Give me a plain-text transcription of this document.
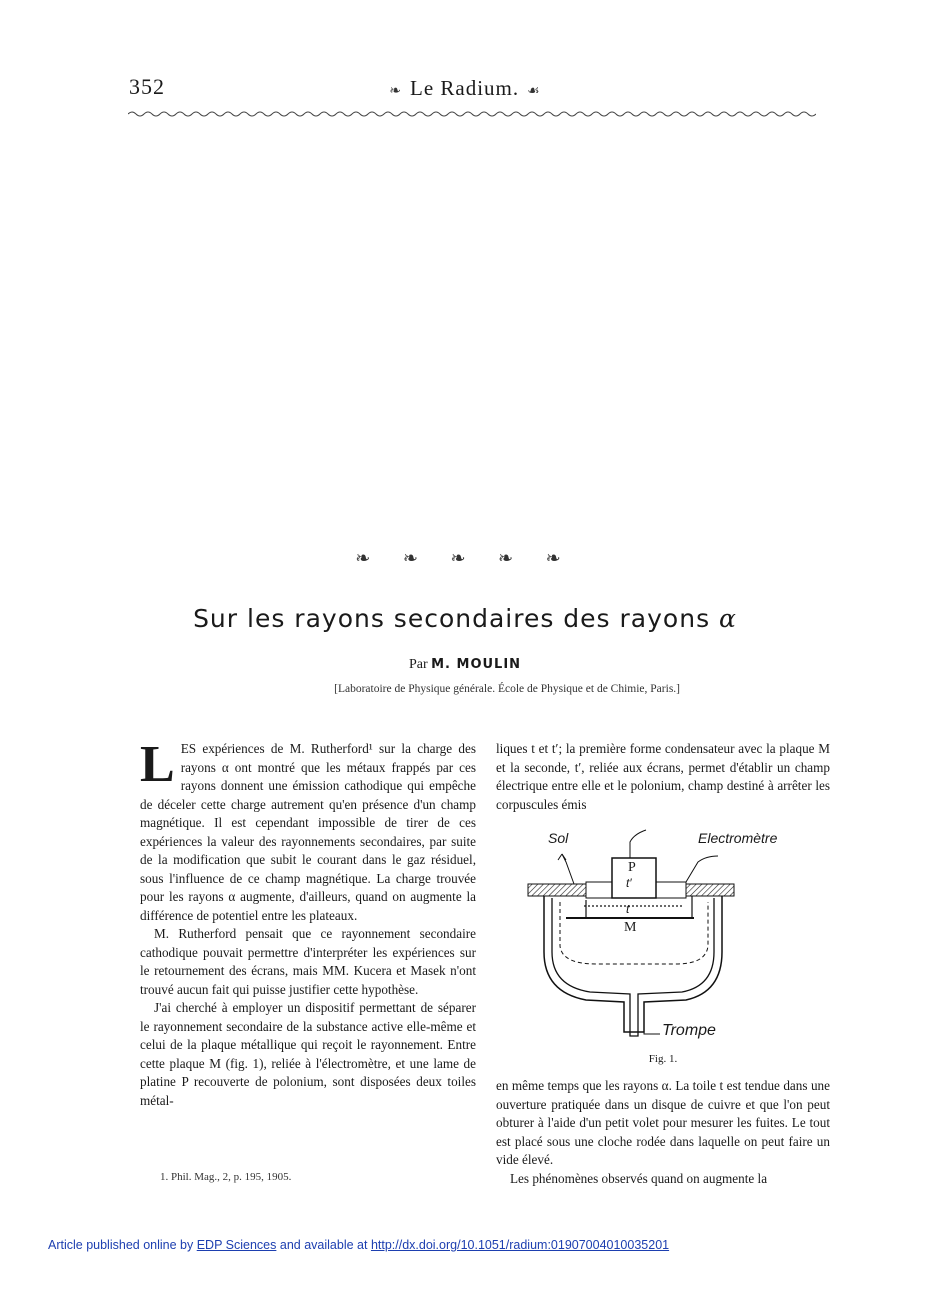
352	❧ Le Radium. ☙
❧ ❧ ❧ ❧ ❧
Sur les rayons secondaires des rayons α
Par M. MOULIN
[Laboratoire de Physique générale. École de Physique et de Chimie, Paris.]

LES expériences de M. Rutherford¹ sur la charge des rayons α ont montré que les métaux frappés par ces rayons donnent une émission cathodique qui empêche de déceler cette charge autrement qu'en présence d'un champ magnétique. Il est cependant impossible de tirer de ces expériences la valeur des rayonnements secondaires, par suite de la modification que subit le courant dans le gaz résiduel, sous l'influence de ce champ magnétique. La charge trouvée pour les rayons α augmente, d'ailleurs, quand on augmente la différence de potentiel entre les plateaux.

M. Rutherford pensait que ce rayonnement secondaire cathodique pouvait permettre d'interpréter les expériences sur le retournement des écrans, mais MM. Kucera et Masek n'ont trouvé aucun fait qui puisse justifier cette hypothèse.

J'ai cherché à employer un dispositif permettant de séparer le rayonnement secondaire de la substance active elle-même et celui de la plaque métallique qui reçoit le rayonnement. Entre cette plaque M (fig. 1), reliée à l'électromètre, et une lame de platine P recouverte de polonium, sont disposées deux toiles métal-

1. Phil. Mag., 2, p. 195, 1905.

liques t et t′; la première forme condensateur avec la plaque M et la seconde, t′, reliée aux écrans, permet d'établir un champ électrique entre elle et le polonium, champ destiné à arrêter les corpuscules émis

Sol	Electromètre
P
t′
t
M
Trompe
Fig. 1.

en même temps que les rayons α. La toile t est tendue dans une ouverture pratiquée dans un disque de cuivre et que l'on peut obturer à l'aide d'un petit volet pour mesurer les fuites. Le tout est placé sous une cloche rodée dans laquelle on peut faire un vide élevé.

Les phénomènes observés quand on augmente la

Article published online by EDP Sciences and available at http://dx.doi.org/10.1051/radium:01907004010035201
